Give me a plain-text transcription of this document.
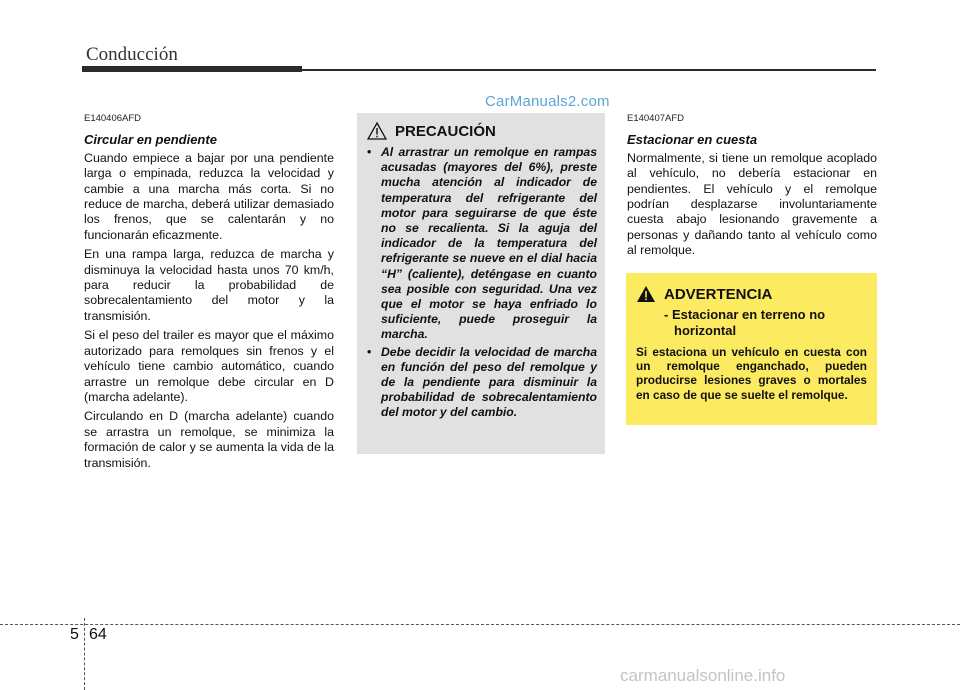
Conducción
CarManuals2.com
E140406AFD
Circular en pendiente

Cuando empiece a bajar por una pendiente larga o empinada, reduzca la velocidad y cambie a una marcha más corta. Si no reduce de marcha, deberá utilizar demasiado los frenos, que se calentarán y no funcionarán eficazmente.

En una rampa larga, reduzca de marcha y disminuya la velocidad hasta unos 70 km/h, para reducir la probabilidad de sobrecalentamiento del motor y la transmisión.

Si el peso del trailer es mayor que el máximo autorizado para remolques sin frenos y el vehículo tiene cambio automático, cuando arrastre un remolque debe circular en D (marcha adelante).

Circulando en D (marcha adelante) cuando se arrastra un remolque, se minimiza la formación de calor y se aumenta la vida de la transmisión.

PRECAUCIÓN
• Al arrastrar un remolque en rampas acusadas (mayores del 6%), preste mucha atención al indicador de temperatura del refrigerante del motor para seguirarse de que éste no se recalienta. Si la aguja del indicador de la temperatura del refrigerante se nueve en el dial hacia “H” (caliente), deténgase en cuanto sea posible con seguridad. Una vez que el motor se haya enfriado lo suficiente, puede proseguir la marcha.
• Debe decidir la velocidad de marcha en función del peso del remolque y de la pendiente para disminuir la probabilidad de sobrecalentamiento del motor y del cambio.
E140407AFD
Estacionar en cuesta

Normalmente, si tiene un remolque acoplado al vehículo, no debería estacionar en pendientes. El vehículo y el remolque podrían desplazarse involuntariamente cuesta abajo lesionando gravemente a personas y dañando tanto al vehículo como al remolque.

ADVERTENCIA
- Estacionar en terreno no horizontal
Si estaciona un vehículo en cuesta con un remolque enganchado, pueden producirse lesiones graves o mortales en caso de que se suelte el remolque.
5 64
carmanualsonline.info
